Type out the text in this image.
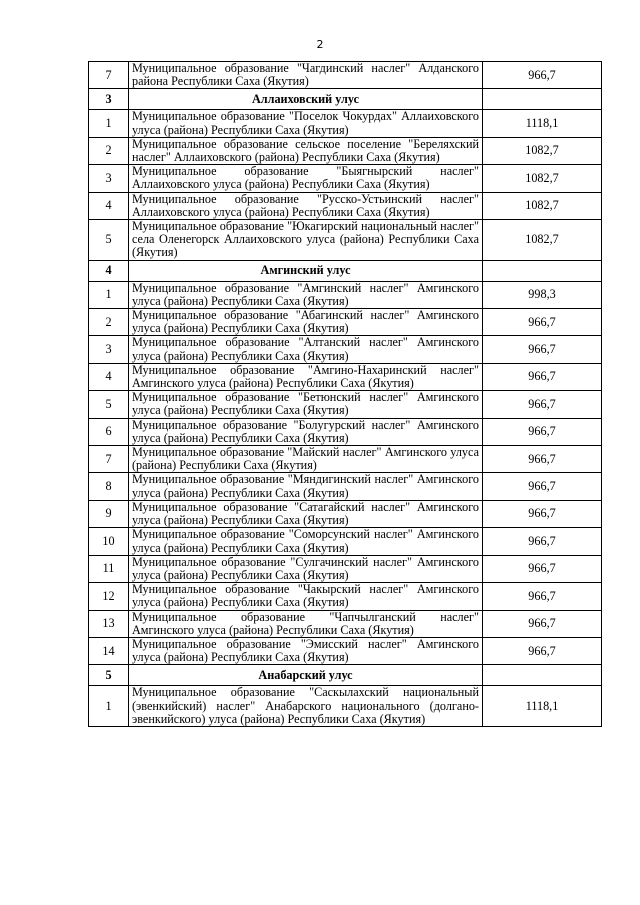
2
7	Муниципальное образование "Чагдинский наслег" Алданского района Республики Саха (Якутия)	966,7
3	Аллаиховский улус	
1	Муниципальное образование "Поселок Чокурдах" Аллаиховского улуса (района) Республики Саха (Якутия)	1118,1
2	Муниципальное образование сельское поселение "Береляхский наслег" Аллаиховского (района) Республики Саха (Якутия)	1082,7
3	Муниципальное образование "Быягнырский наслег" Аллаиховского улуса (района) Республики Саха (Якутия)	1082,7
4	Муниципальное образование "Русско-Устьинский наслег" Аллаиховского улуса (района) Республики Саха (Якутия)	1082,7
5	Муниципальное образование "Юкагирский национальный наслег" села Оленегорск Аллаиховского улуса (района) Республики Саха (Якутия)	1082,7
4	Амгинский улус	
1	Муниципальное образование "Амгинский наслег" Амгинского улуса (района) Республики Саха (Якутия)	998,3
2	Муниципальное образование "Абагинский наслег" Амгинского улуса (района) Республики Саха (Якутия)	966,7
3	Муниципальное образование "Алтанский наслег" Амгинского улуса (района) Республики Саха (Якутия)	966,7
4	Муниципальное образование "Амгино-Нахаринский наслег" Амгинского улуса (района) Республики Саха (Якутия)	966,7
5	Муниципальное образование "Бетюнский наслег" Амгинского улуса (района) Республики Саха (Якутия)	966,7
6	Муниципальное образование "Болугурский наслег" Амгинского улуса (района) Республики Саха (Якутия)	966,7
7	Муниципальное образование "Майский наслег" Амгинского улуса (района) Республики Саха (Якутия)	966,7
8	Муниципальное образование "Мяндигинский наслег" Амгинского улуса (района) Республики Саха (Якутия)	966,7
9	Муниципальное образование "Сатагайский наслег" Амгинского улуса (района) Республики Саха (Якутия)	966,7
10	Муниципальное образование "Соморсунский наслег" Амгинского улуса (района) Республики Саха (Якутия)	966,7
11	Муниципальное образование "Сулгачинский наслег" Амгинского улуса (района) Республики Саха (Якутия)	966,7
12	Муниципальное образование "Чакырский наслег" Амгинского улуса (района) Республики Саха (Якутия)	966,7
13	Муниципальное образование "Чапчылганский наслег" Амгинского улуса (района) Республики Саха (Якутия)	966,7
14	Муниципальное образование "Эмисский наслег" Амгинского улуса (района) Республики Саха (Якутия)	966,7
5	Анабарский улус	
1	Муниципальное образование "Саскылахский национальный (эвенкийский) наслег" Анабарского национального (долгано-эвенкийского) улуса (района) Республики Саха (Якутия)	1118,1
